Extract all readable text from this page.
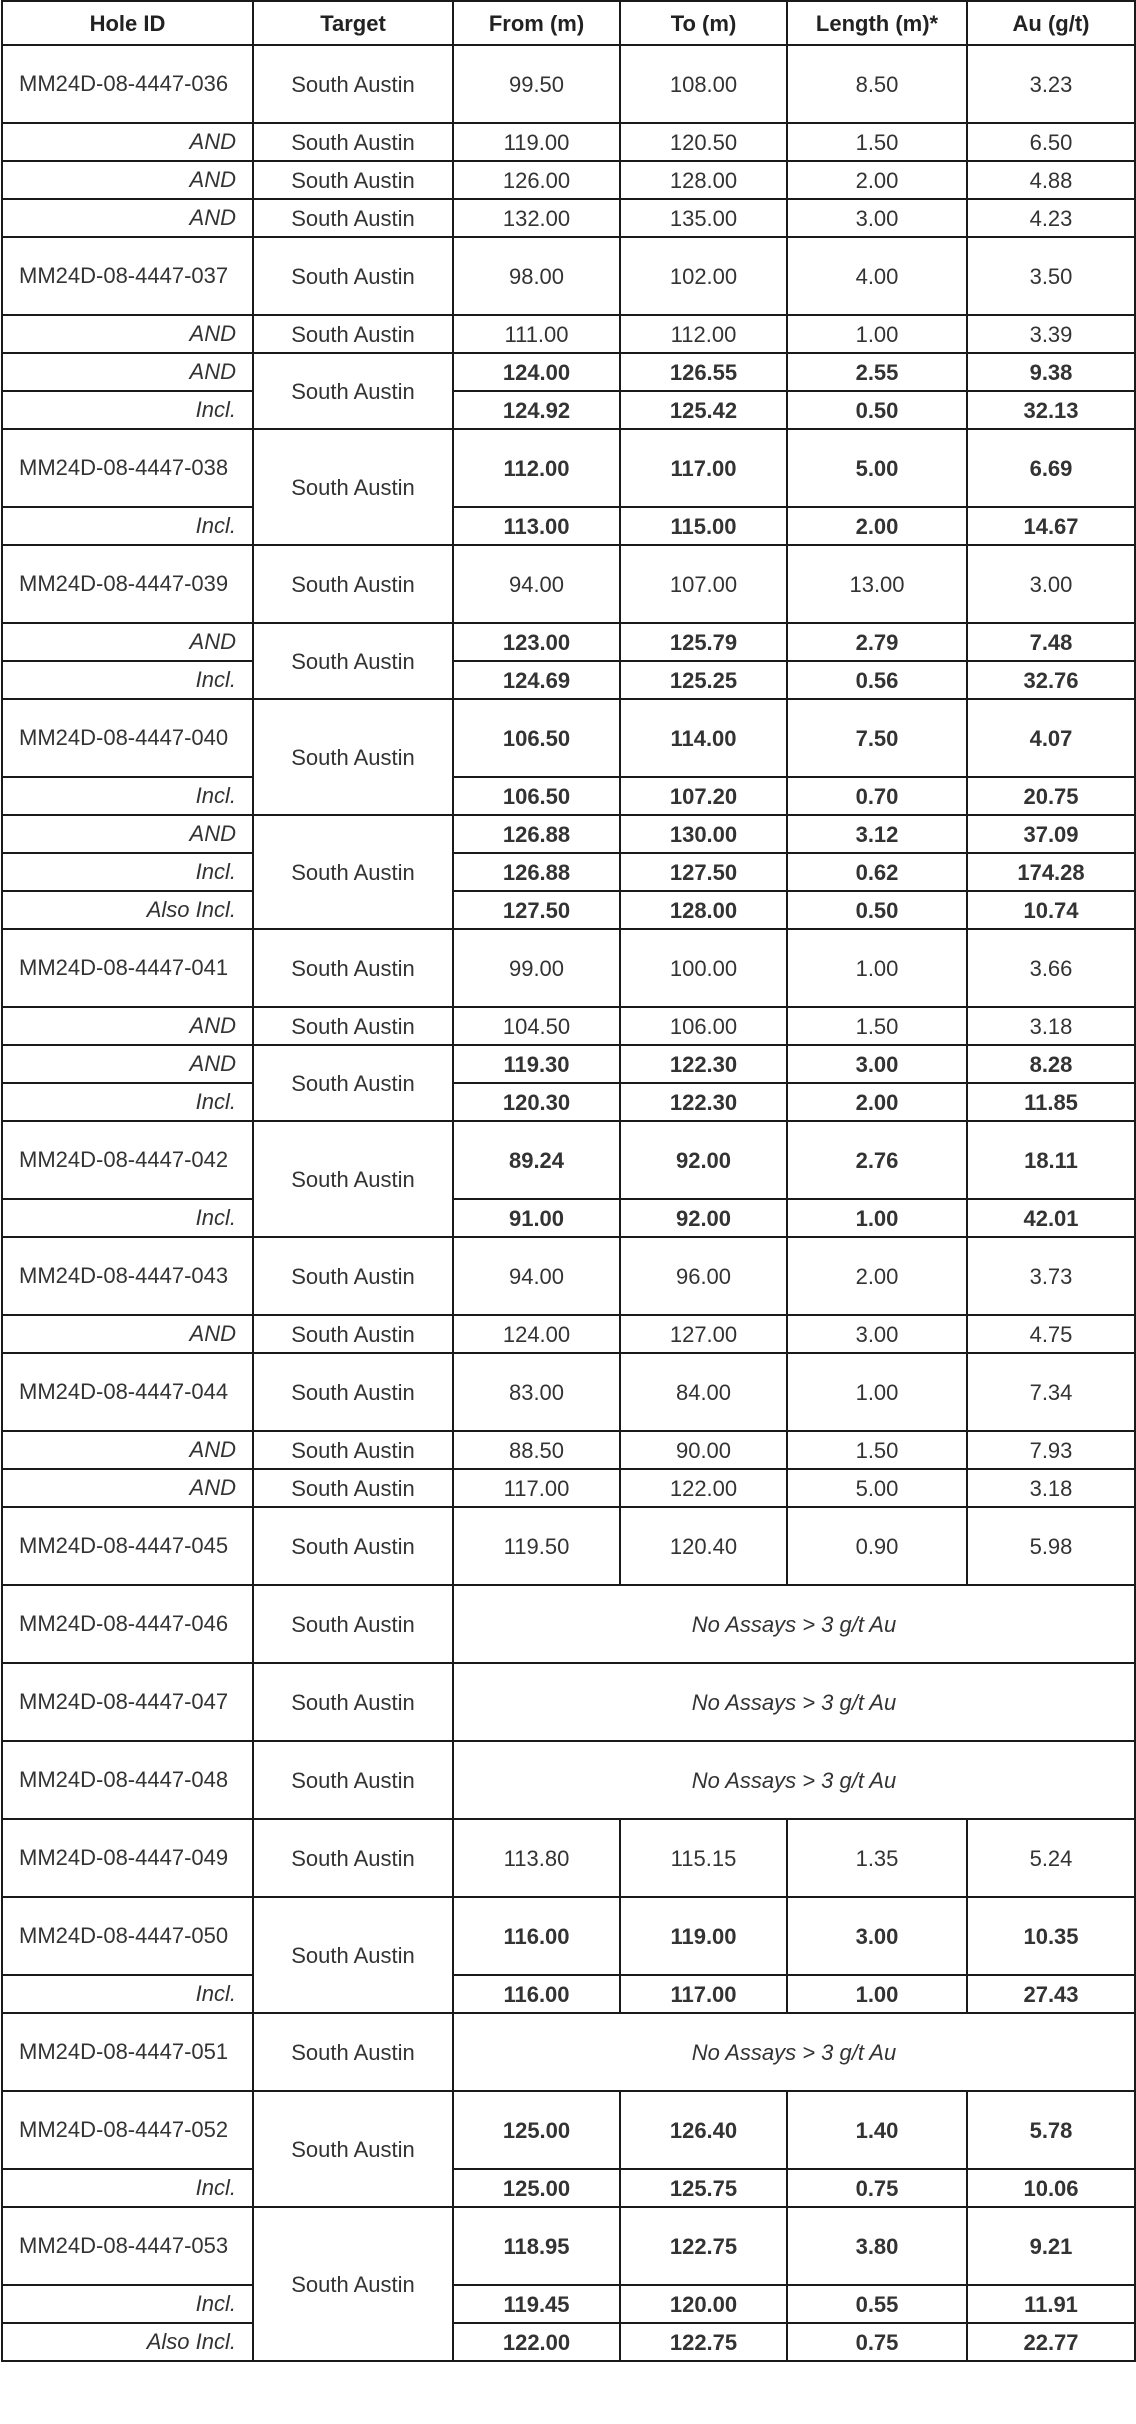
Hole ID	Target	From (m)	To (m)	Length (m)*	Au (g/t)
MM24D-08-4447-036	South Austin	99.50	108.00	8.50	3.23
AND	South Austin	119.00	120.50	1.50	6.50
AND	South Austin	126.00	128.00	2.00	4.88
AND	South Austin	132.00	135.00	3.00	4.23
MM24D-08-4447-037	South Austin	98.00	102.00	4.00	3.50
AND	South Austin	111.00	112.00	1.00	3.39
AND	South Austin	124.00	126.55	2.55	9.38
Incl.		124.92	125.42	0.50	32.13
MM24D-08-4447-038	South Austin	112.00	117.00	5.00	6.69
Incl.		113.00	115.00	2.00	14.67
MM24D-08-4447-039	South Austin	94.00	107.00	13.00	3.00
AND	South Austin	123.00	125.79	2.79	7.48
Incl.		124.69	125.25	0.56	32.76
MM24D-08-4447-040	South Austin	106.50	114.00	7.50	4.07
Incl.		106.50	107.20	0.70	20.75
AND	South Austin	126.88	130.00	3.12	37.09
Incl.		126.88	127.50	0.62	174.28
Also Incl.		127.50	128.00	0.50	10.74
MM24D-08-4447-041	South Austin	99.00	100.00	1.00	3.66
AND	South Austin	104.50	106.00	1.50	3.18
AND	South Austin	119.30	122.30	3.00	8.28
Incl.		120.30	122.30	2.00	11.85
MM24D-08-4447-042	South Austin	89.24	92.00	2.76	18.11
Incl.		91.00	92.00	1.00	42.01
MM24D-08-4447-043	South Austin	94.00	96.00	2.00	3.73
AND	South Austin	124.00	127.00	3.00	4.75
MM24D-08-4447-044	South Austin	83.00	84.00	1.00	7.34
AND	South Austin	88.50	90.00	1.50	7.93
AND	South Austin	117.00	122.00	5.00	3.18
MM24D-08-4447-045	South Austin	119.50	120.40	0.90	5.98
MM24D-08-4447-046	South Austin	No Assays > 3 g/t Au			
MM24D-08-4447-047	South Austin	No Assays > 3 g/t Au			
MM24D-08-4447-048	South Austin	No Assays > 3 g/t Au			
MM24D-08-4447-049	South Austin	113.80	115.15	1.35	5.24
MM24D-08-4447-050	South Austin	116.00	119.00	3.00	10.35
Incl.		116.00	117.00	1.00	27.43
MM24D-08-4447-051	South Austin	No Assays > 3 g/t Au			
MM24D-08-4447-052	South Austin	125.00	126.40	1.40	5.78
Incl.		125.00	125.75	0.75	10.06
MM24D-08-4447-053	South Austin	118.95	122.75	3.80	9.21
Incl.		119.45	120.00	0.55	11.91
Also Incl.		122.00	122.75	0.75	22.77
